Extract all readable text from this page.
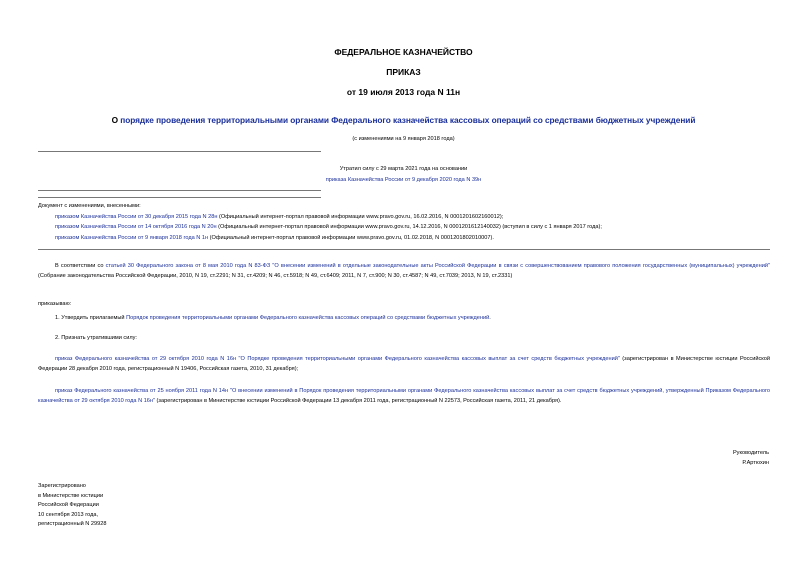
ФЕДЕРАЛЬНОЕ КАЗНАЧЕЙСТВО
ПРИКАЗ
от 19 июля 2013 года N 11н
О порядке проведения территориальными органами Федерального казначейства кассовых операций со средствами бюджетных учреждений
(с изменениями на 9 января 2018 года)
Утратил силу с 29 марта 2021 года на основании
приказа Казначейства России от 9 декабря 2020 года N 39н
Документ с изменениями, внесенными:
приказом Казначейства России от 30 декабря 2015 года N 28н (Официальный интернет-портал правовой информации www.pravo.gov.ru, 16.02.2016, N 0001201602160012);
приказом Казначейства России от 14 октября 2016 года N 20н (Официальный интернет-портал правовой информации www.pravo.gov.ru, 14.12.2016, N 0001201612140032) (вступил в силу с 1 января 2017 года);
приказом Казначейства России от 9 января 2018 года N 1н (Официальный интернет-портал правовой информации www.pravo.gov.ru, 01.02.2018, N 0001201802010007).
В соответствии со статьей 30 Федерального закона от 8 мая 2010 года N 83-ФЗ "О внесении изменений в отдельные законодательные акты Российской Федерации в связи с совершенствованием правового положения государственных (муниципальных) учреждений" (Собрание законодательства Российской Федерации, 2010, N 19, ст.2291; N 31, ст.4209; N 46, ст.5918; N 49, ст.6409; 2011, N 7, ст.900; N 30, ст.4587; N 49, ст.7039; 2013, N 19, ст.2331)
приказываю:
1. Утвердить прилагаемый Порядок проведения территориальными органами Федерального казначейства кассовых операций со средствами бюджетных учреждений.
2. Признать утратившими силу:
приказ Федерального казначейства от 29 октября 2010 года N 16н "О Порядке проведения территориальными органами Федерального казначейства кассовых выплат за счет средств бюджетных учреждений" (зарегистрирован в Министерстве юстиции Российской Федерации 28 декабря 2010 года, регистрационный N 19406, Российская газета, 2010, 31 декабря);
приказ Федерального казначейства от 25 ноября 2011 года N 14н "О внесении изменений в Порядок проведения территориальными органами Федерального казначейства кассовых выплат за счет средств бюджетных учреждений, утвержденный Приказом Федерального казначейства от 29 октября 2010 года N 16н" (зарегистрирован в Министерстве юстиции Российской Федерации 13 декабря 2011 года, регистрационный N 22573, Российская газета, 2011, 21 декабря).
Руководитель
Р.Артюхин
Зарегистрировано
в Министерстве юстиции
Российской Федерации
10 сентября 2013 года,
регистрационный N 29928
